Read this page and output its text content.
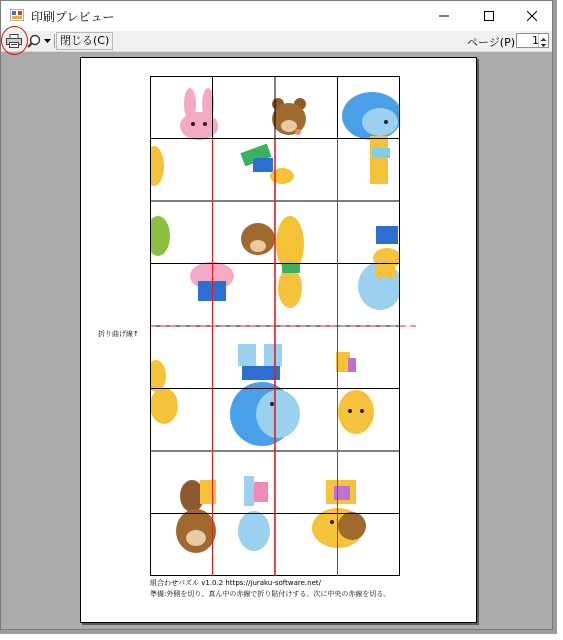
印刷プレビュー
閉じる(C)	ページ(P)	1
折り曲げ線↑
組合わせパズル v1.0.2 https://juraku-software.net/
準備:外側を切り、真ん中の赤線で折り貼付けする。次に中央の赤線を切る。
